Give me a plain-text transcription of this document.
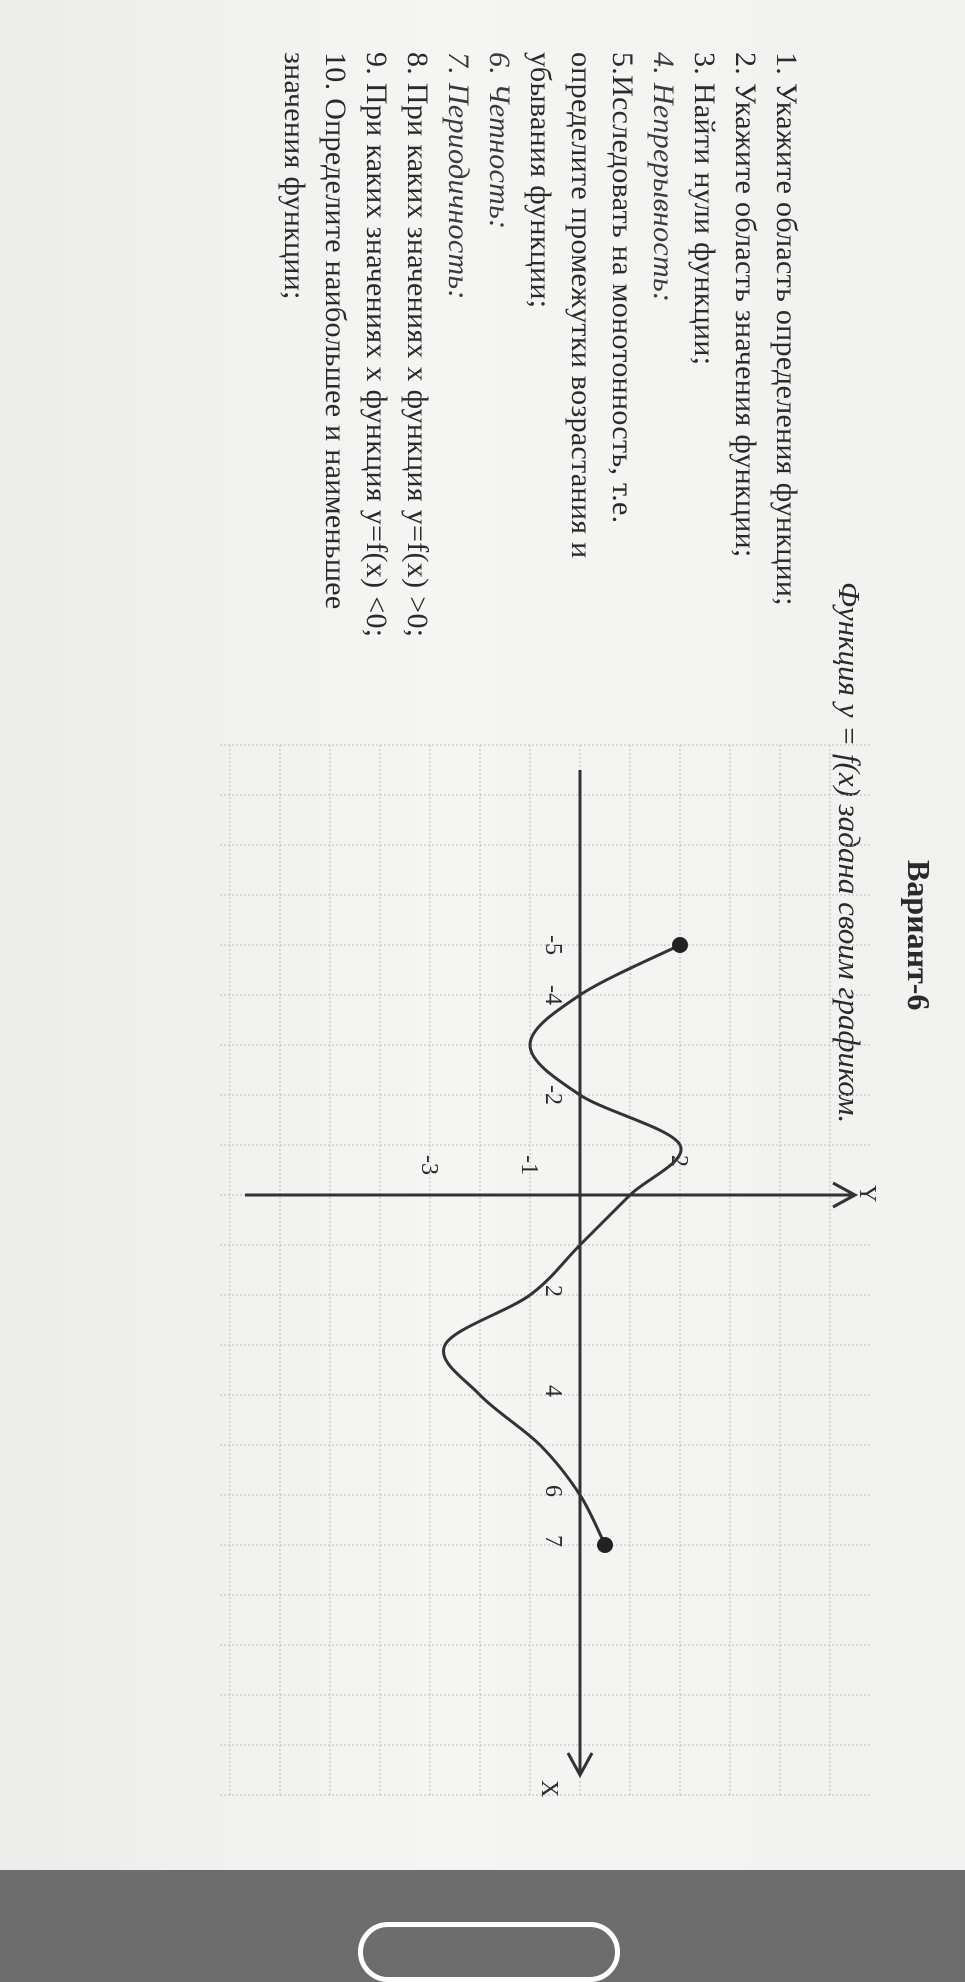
Вариант-6
Функция y = f(x) задана своим графиком.
1. Укажите область определения функции;
2. Укажите область значения функции;
3. Найти нули функции;
4. Непрерывность:
5.Исследовать на монотонность, т.е.
определите промежутки возрастания и
убывания функции;
6. Четность:
7. Периодичность:
8. При каких значениях x функция y=f(x) >0;
9. При каких значениях x функция y=f(x) <0;
10. Определите наибольшее и наименьшее
значения функции;
X
Y
-5
-4
-2
2
4
6
7
2
-1
-3
